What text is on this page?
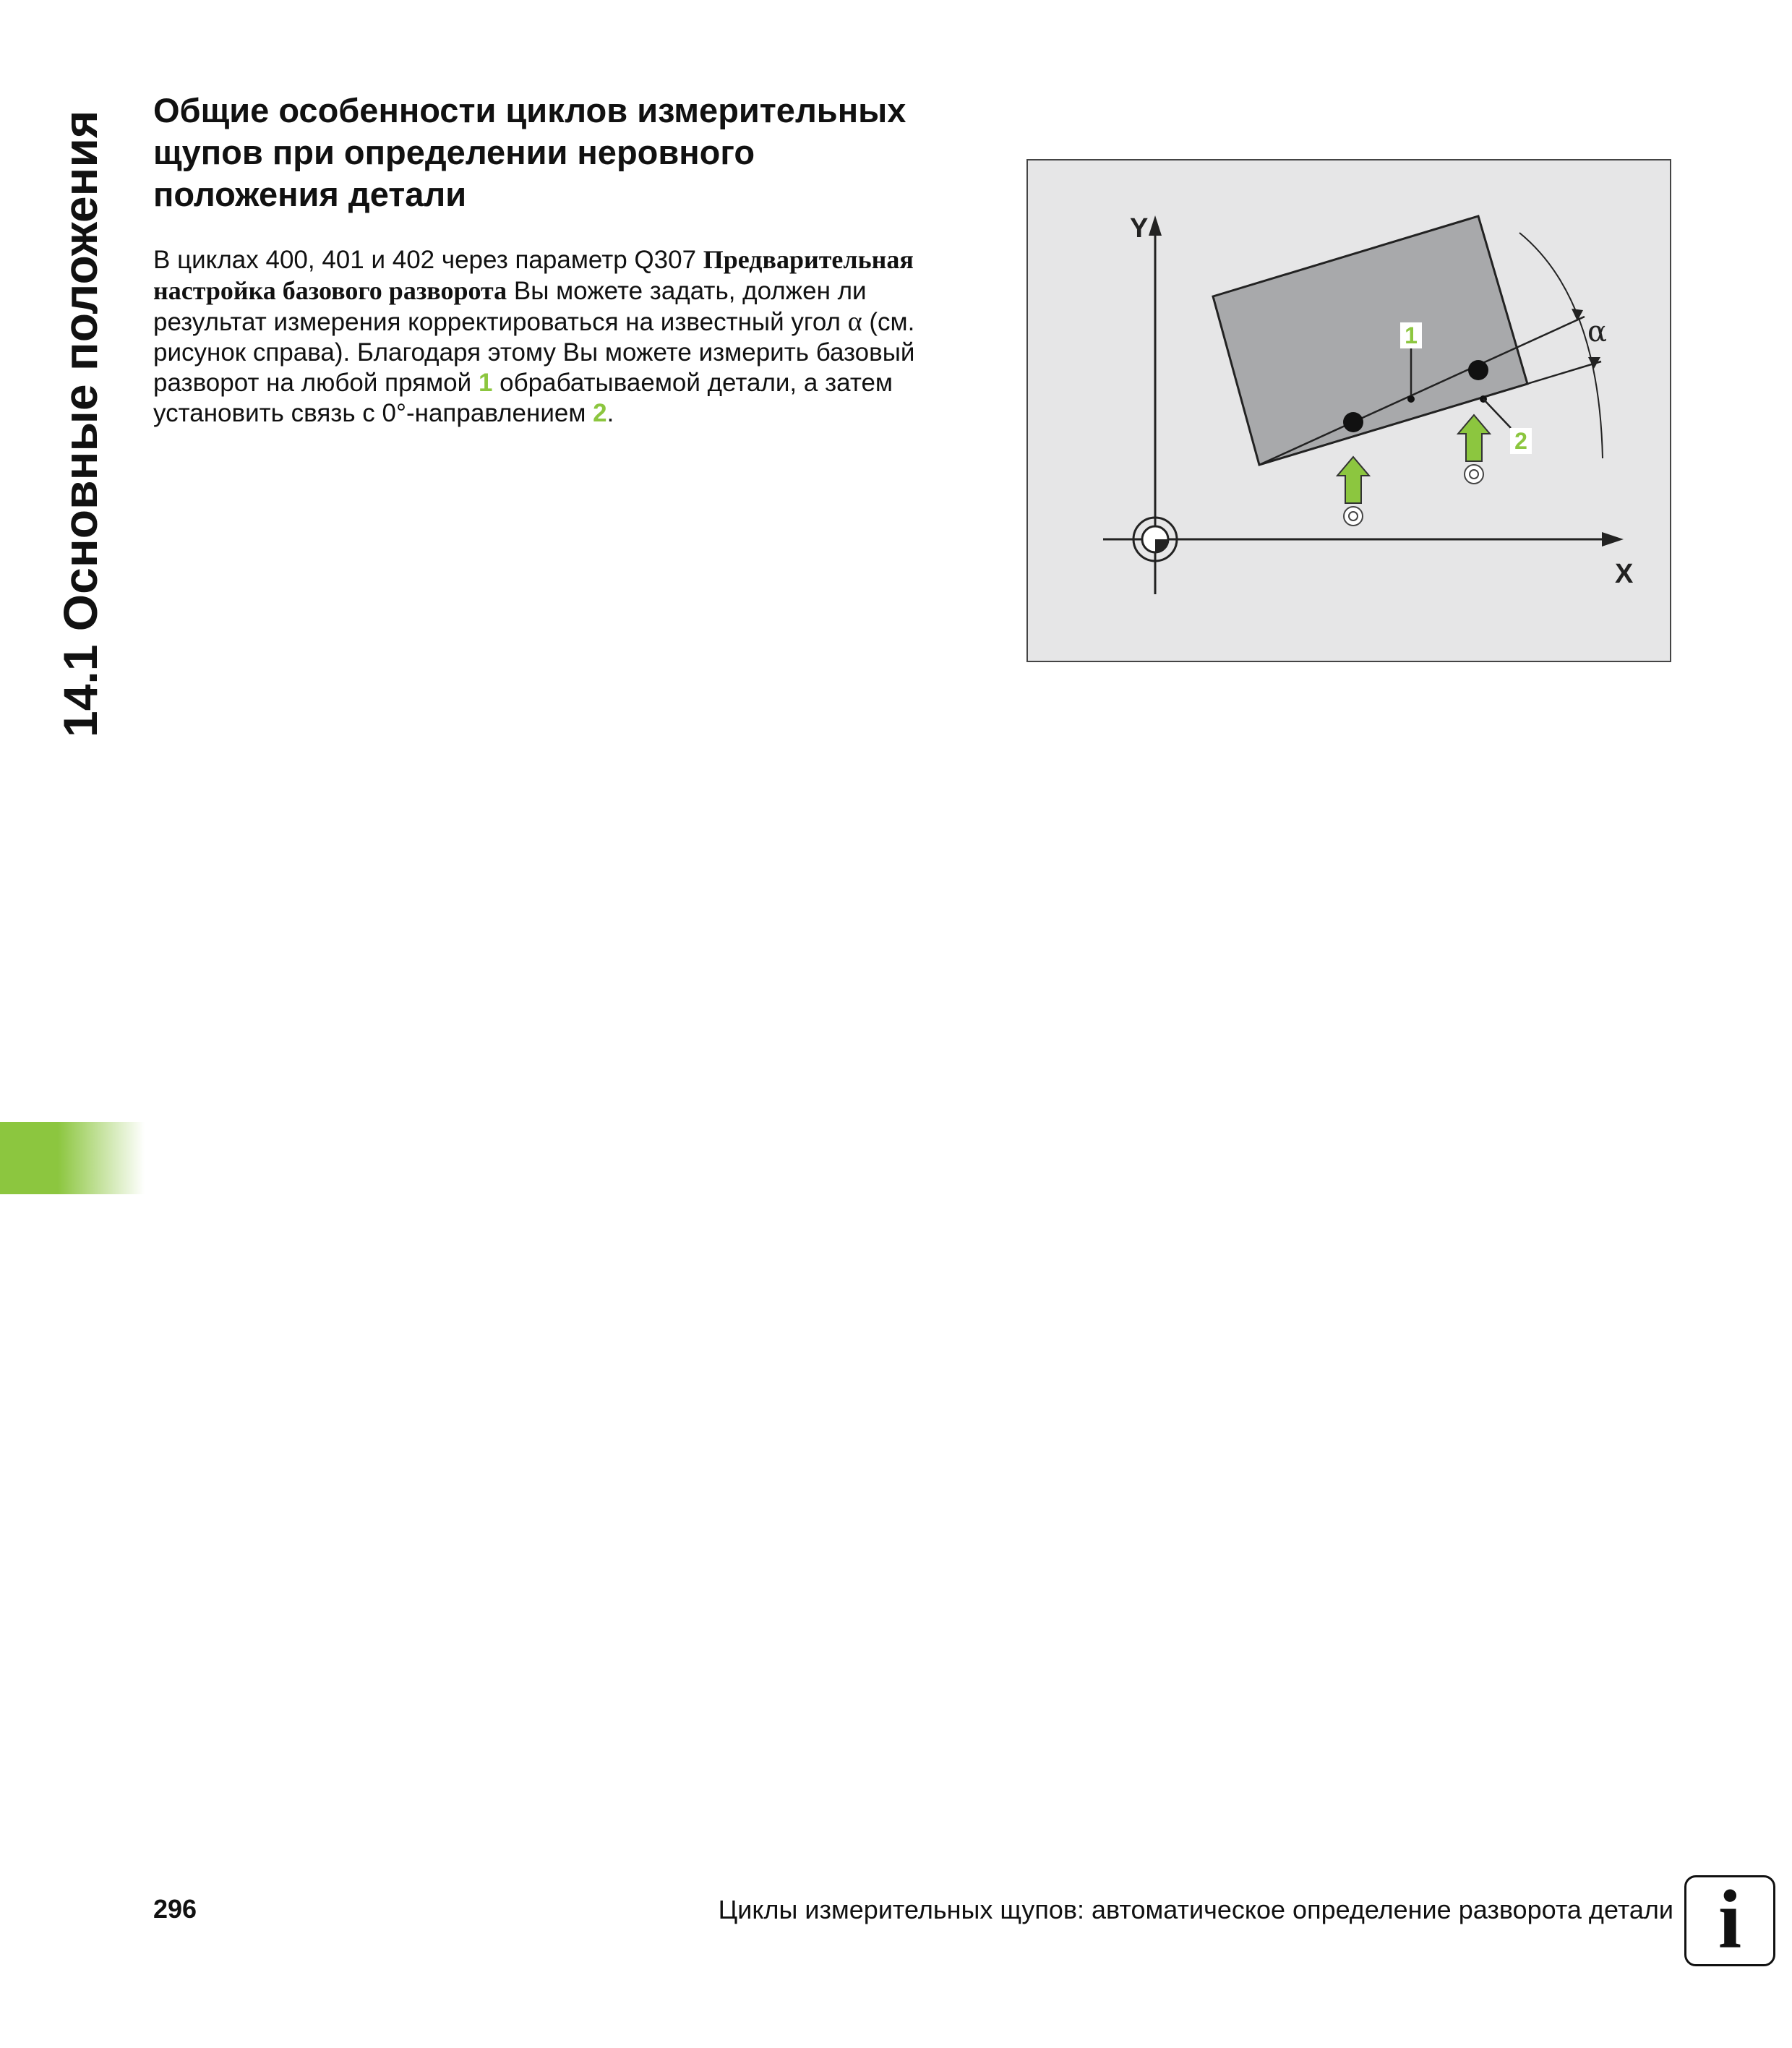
14.1 Основные положения
Общие особенности циклов измерительных
щупов при определении неровного
положения детали
В циклах 400, 401 и 402 через параметр Q307 Предварительная
настройка базового разворота Вы можете задать, должен ли
результат измерения корректироваться на известный угол α (см.
рисунок справа). Благодаря этому Вы можете измерить базовый
разворот на любой прямой 1 обрабатываемой детали, а затем
установить связь с 0°-направлением 2.
α
1
2
Y
X
296	Циклы измерительных щупов: автоматическое определение разворота детали i
